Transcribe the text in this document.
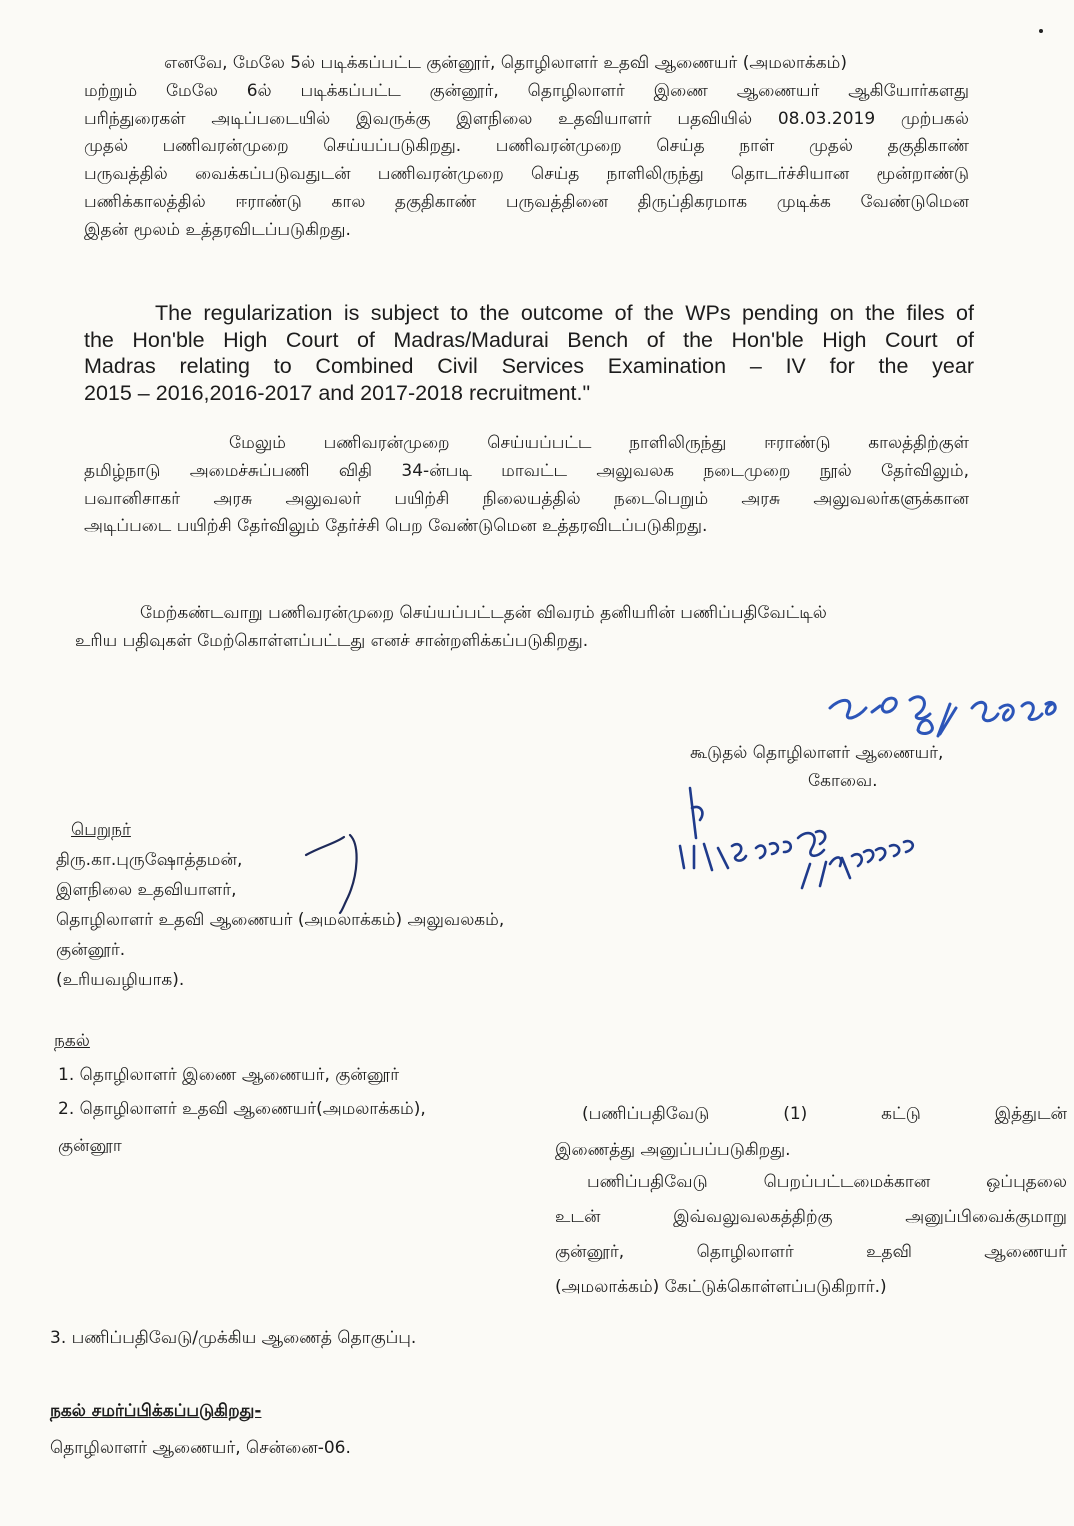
எனவே, மேலே 5ல் படிக்கப்பட்ட குன்னூர், தொழிலாளர் உதவி ஆணையர் (அமலாக்கம்)
மற்றும் மேலே 6ல் படிக்கப்பட்ட குன்னூர், தொழிலாளர் இணை ஆணையர் ஆகியோர்களது
பரிந்துரைகள் அடிப்படையில் இவருக்கு இளநிலை உதவியாளர் பதவியில் 08.03.2019 முற்பகல்
முதல் பணிவரன்முறை செய்யப்படுகிறது. பணிவரன்முறை செய்த நாள் முதல் தகுதிகாண்
பருவத்தில் வைக்கப்படுவதுடன் பணிவரன்முறை செய்த நாளிலிருந்து தொடர்ச்சியான மூன்றாண்டு
பணிக்காலத்தில் ஈராண்டு கால தகுதிகாண் பருவத்தினை திருப்திகரமாக முடிக்க வேண்டுமென
இதன் மூலம் உத்தரவிடப்படுகிறது.
The regularization is subject to the outcome of the WPs pending on the files of
the Hon'ble High Court of Madras/Madurai Bench of the Hon'ble High Court of
Madras relating to Combined Civil Services Examination – IV for the year
2015 – 2016,2016-2017 and 2017-2018 recruitment."
மேலும் பணிவரன்முறை செய்யப்பட்ட நாளிலிருந்து ஈராண்டு காலத்திற்குள்
தமிழ்நாடு அமைச்சுப்பணி விதி 34-ன்படி மாவட்ட அலுவலக நடைமுறை நூல் தேர்விலும்,
பவானிசாகர் அரசு அலுவலர் பயிற்சி நிலையத்தில் நடைபெறும் அரசு அலுவலர்களுக்கான
அடிப்படை பயிற்சி தேர்விலும் தேர்ச்சி பெற வேண்டுமென உத்தரவிடப்படுகிறது.
மேற்கண்டவாறு பணிவரன்முறை செய்யப்பட்டதன் விவரம் தனியரின் பணிப்பதிவேட்டில்
உரிய பதிவுகள் மேற்கொள்ளப்பட்டது எனச் சான்றளிக்கப்படுகிறது.
கூடுதல் தொழிலாளர் ஆணையர்,
கோவை.
பெறுநர்
திரு.கா.புருஷோத்தமன்,
இளநிலை உதவியாளர்,
தொழிலாளர் உதவி ஆணையர் (அமலாக்கம்) அலுவலகம்,
குன்னூர்.
(உரியவழியாக).
நகல்
1. தொழிலாளர் இணை ஆணையர், குன்னூர்
2. தொழிலாளர் உதவி ஆணையர்(அமலாக்கம்),
குன்னூா
(பணிப்பதிவேடு (1) கட்டு இத்துடன்
இணைத்து அனுப்பப்படுகிறது.
பணிப்பதிவேடு பெறப்பட்டமைக்கான ஒப்புதலை
உடன் இவ்வலுவலகத்திற்கு அனுப்பிவைக்குமாறு
குன்னூர், தொழிலாளர் உதவி ஆணையர்
(அமலாக்கம்) கேட்டுக்கொள்ளப்படுகிறார்.)
3. பணிப்பதிவேடு/முக்கிய ஆணைத் தொகுப்பு.
நகல் சமர்ப்பிக்கப்படுகிறது-
தொழிலாளர் ஆணையர், சென்னை-06.
